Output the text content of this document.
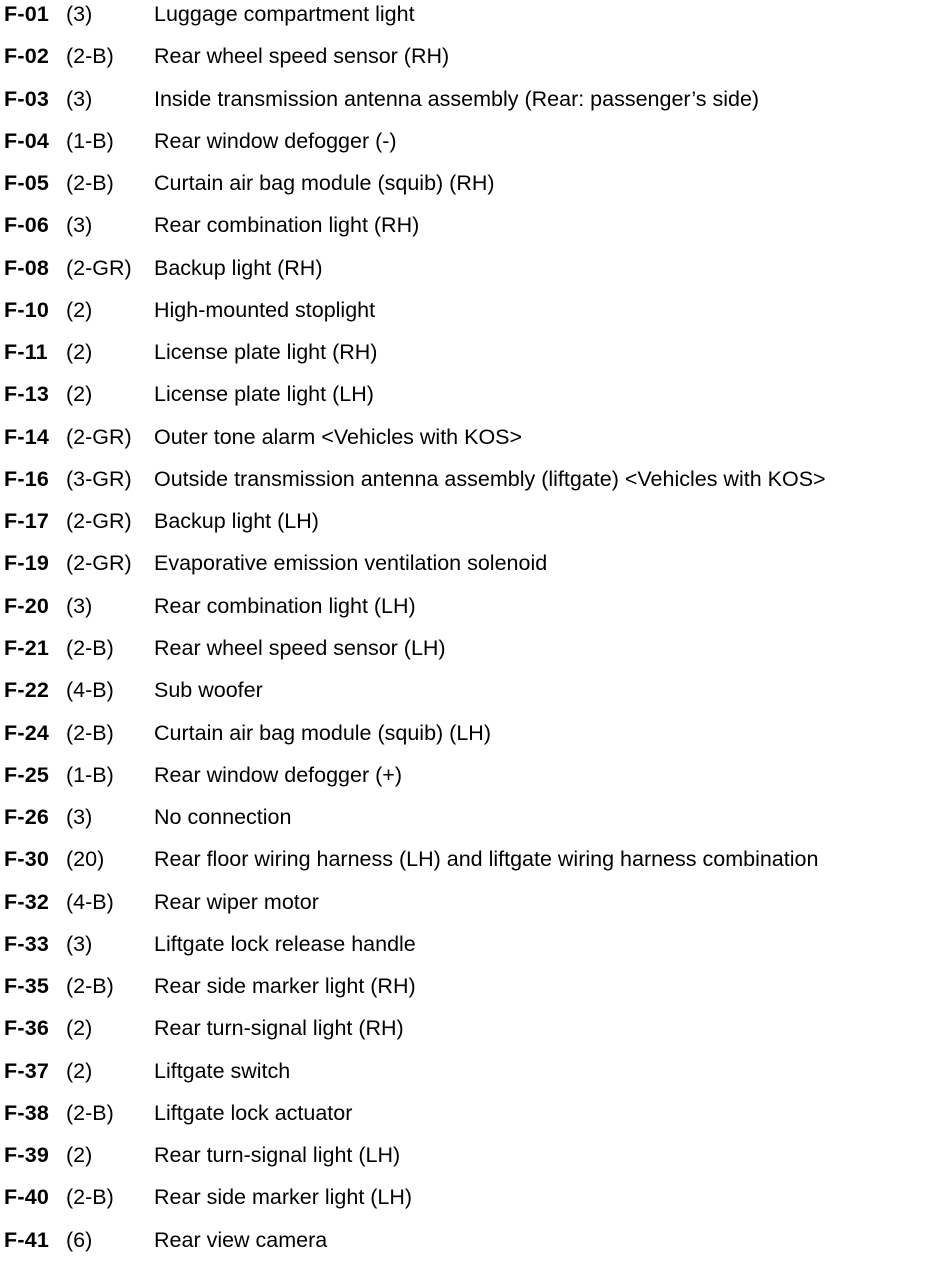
F-01 (3)	Luggage compartment light
F-02 (2-B) Rear wheel speed sensor (RH)
F-03 (3)	Inside transmission antenna assembly (Rear: passenger’s side)
F-04 (1-B) Rear window defogger (-)
F-05 (2-B) Curtain air bag module (squib) (RH)
F-06 (3)	Rear combination light (RH)
F-08 (2-GR) Backup light (RH)
F-10 (2)	High-mounted stoplight
F-11 (2)	License plate light (RH)
F-13 (2)	License plate light (LH)
F-14 (2-GR) Outer tone alarm <Vehicles with KOS>
F-16 (3-GR) Outside transmission antenna assembly (liftgate) <Vehicles with KOS>
F-17 (2-GR) Backup light (LH)
F-19 (2-GR) Evaporative emission ventilation solenoid
F-20 (3)	Rear combination light (LH)
F-21 (2-B) Rear wheel speed sensor (LH)
F-22 (4-B) Sub woofer
F-24 (2-B) Curtain air bag module (squib) (LH)
F-25 (1-B) Rear window defogger (+)
F-26 (3)	No connection
F-30 (20) Rear floor wiring harness (LH) and liftgate wiring harness combination
F-32 (4-B) Rear wiper motor
F-33 (3)	Liftgate lock release handle
F-35 (2-B) Rear side marker light (RH)
F-36 (2)	Rear turn-signal light (RH)
F-37 (2)	Liftgate switch
F-38 (2-B) Liftgate lock actuator
F-39 (2)	Rear turn-signal light (LH)
F-40 (2-B) Rear side marker light (LH)
F-41 (6)	Rear view camera
